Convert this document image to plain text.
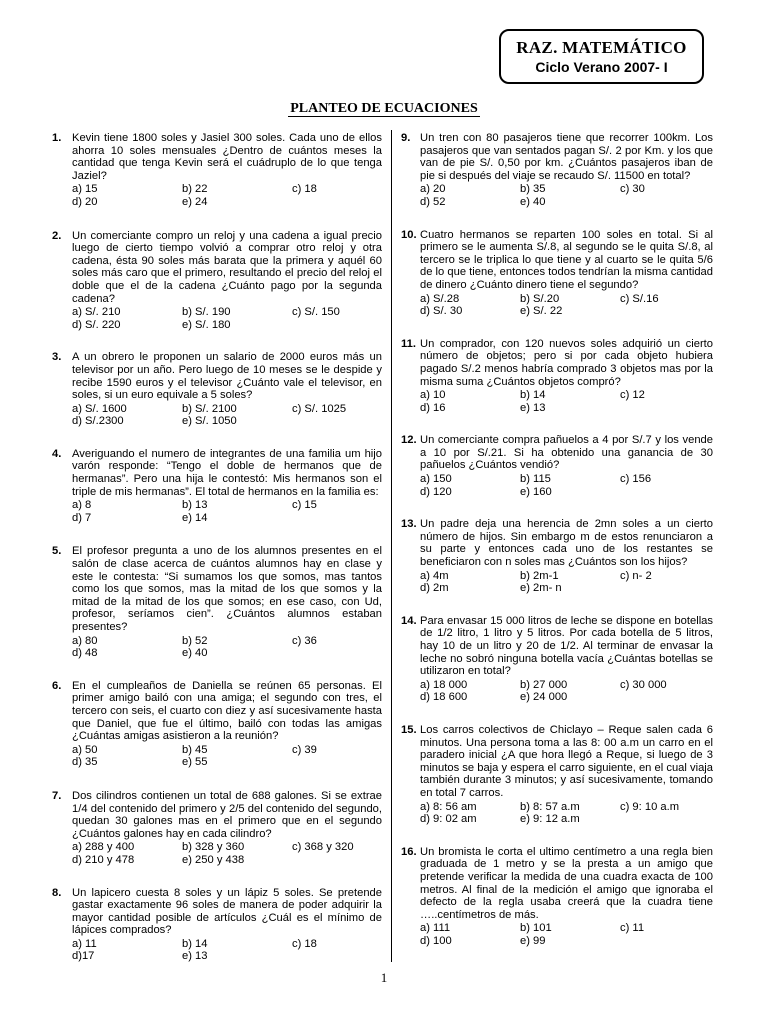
RAZ. MATEMÁTICO
Ciclo Verano 2007- I
PLANTEO DE ECUACIONES
1. Kevin tiene 1800 soles y Jasiel 300 soles. Cada uno de ellos ahorra 10 soles mensuales ¿Dentro de cuántos meses la cantidad que tenga Kevin será el cuádruplo de lo que tenga Jaziel?
a) 15	b) 22	c) 18
d) 20	e) 24
2. Un comerciante compro un reloj y una cadena a igual precio luego de cierto tiempo volvió a comprar otro reloj y otra cadena, ésta 90 soles más barata que la primera y aquél 60 soles más caro que el primero, resultando el precio del reloj el doble que el de la cadena ¿Cuánto pago por la segunda cadena?
a) S/. 210	b) S/. 190	c) S/. 150
d) S/. 220	e) S/. 180
3. A un obrero le proponen un salario de 2000 euros más un televisor por un año. Pero luego de 10 meses se le despide y recibe 1590 euros y el televisor ¿Cuánto vale el televisor, en soles, si un euro equivale a 5 soles?
a) S/. 1600	b) S/. 2100	c) S/. 1025
d) S/.2300	e) S/. 1050
4. Averiguando el numero de integrantes de una familia um hijo varón responde: “Tengo el doble de hermanos que de hermanas”. Pero una hija le contestó: Mis hermanos son el triple de mis hermanas”. El total de hermanos en la familia es:
a) 8	b) 13	c) 15
d) 7	e) 14
5. El profesor pregunta a uno de los alumnos presentes en el salón de clase acerca de cuántos alumnos hay en clase y este le contesta: “Si sumamos los que somos, mas tantos como los que somos, mas la mitad de los que somos y la mitad de la mitad de los que somos; en ese caso, con Ud, profesor, seríamos cien”. ¿Cuántos alumnos estaban presentes?
a) 80	b) 52	c) 36
d) 48	e) 40
6. En el cumpleaños de Daniella se reúnen 65 personas. El primer amigo bailó con una amiga; el segundo con tres, el tercero con seis, el cuarto con diez y así sucesivamente hasta que Daniel, que fue el último, bailó con todas las amigas ¿Cuántas amigas asistieron a la reunión?
a) 50	b) 45	c) 39
d) 35	e) 55
7. Dos cilindros contienen un total de 688 galones. Si se extrae 1/4 del contenido del primero y 2/5 del contenido del segundo, quedan 30 galones mas en el primero que en el segundo ¿Cuántos galones hay en cada cilindro?
a) 288 y 400	b) 328 y 360	c) 368 y 320
d) 210 y 478	e) 250 y 438
8. Un lapicero cuesta 8 soles y un lápiz 5 soles. Se pretende gastar exactamente 96 soles de manera de poder adquirir la mayor cantidad posible de artículos ¿Cuál es el mínimo de lápices comprados?
a) 11	b) 14	c) 18
d)17	e) 13
9. Un tren con 80 pasajeros tiene que recorrer 100km. Los pasajeros que van sentados pagan S/. 2 por Km. y los que van de pie S/. 0,50 por km. ¿Cuántos pasajeros iban de pie si después del viaje se recaudo S/. 11500 en total?
a) 20	b) 35	c) 30
d) 52	e) 40
10. Cuatro hermanos se reparten 100 soles en total. Si al primero se le aumenta S/.8, al segundo se le quita S/.8, al tercero se le triplica lo que tiene y al cuarto se le quita 5/6 de lo que tiene, entonces todos tendrían la misma cantidad de dinero ¿Cuánto dinero tiene el segundo?
a) S/.28	b) S/.20	c) S/.16
d) S/. 30	e) S/. 22
11. Un comprador, con 120 nuevos soles adquirió un cierto número de objetos; pero si por cada objeto hubiera pagado S/.2 menos habría comprado 3 objetos mas por la misma suma ¿Cuántos objetos compró?
a) 10	b) 14	c) 12
d) 16	e) 13
12. Un comerciante compra pañuelos a 4 por S/.7 y los vende a 10 por S/.21. Si ha obtenido una ganancia de 30 pañuelos ¿Cuántos vendió?
a) 150	b) 115	c) 156
d) 120	e) 160
13. Un padre deja una herencia de 2mn soles a un cierto número de hijos. Sin embargo m de estos renunciaron a su parte y entonces cada uno de los restantes se beneficiaron con n soles mas ¿Cuántos son los hijos?
a) 4m	b) 2m-1	c) n- 2
d) 2m	e) 2m- n
14. Para envasar 15 000 litros de leche se dispone en botellas de 1/2 litro, 1 litro y 5 litros. Por cada botella de 5 litros, hay 10 de un litro y 20 de 1/2. Al terminar de envasar la leche no sobró ninguna botella vacía ¿Cuántas botellas se utilizaron en total?
a) 18 000	b) 27 000	c) 30 000
d) 18 600	e) 24 000
15. Los carros colectivos de Chiclayo – Reque salen cada 6 minutos. Una persona toma a las 8: 00 a.m un carro en el paradero inicial ¿A que hora llegó a Reque, si luego de 3 minutos se baja y espera el carro siguiente, en el cual viaja también durante 3 minutos; y así sucesivamente, tomando en total 7 carros.
a) 8: 56 am	b) 8: 57 a.m	c) 9: 10 a.m
d) 9: 02 am	e) 9: 12 a.m
16. Un bromista le corta el ultimo centímetro a una regla bien graduada de 1 metro y se la presta a un amigo que pretende verificar la medida de una cuadra exacta de 100 metros. Al final de la medición el amigo que ignoraba el defecto de la regla usaba creerá que la cuadra tiene …..centímetros de más.
a) 111	b) 101	c) 11
d) 100	e) 99
1
